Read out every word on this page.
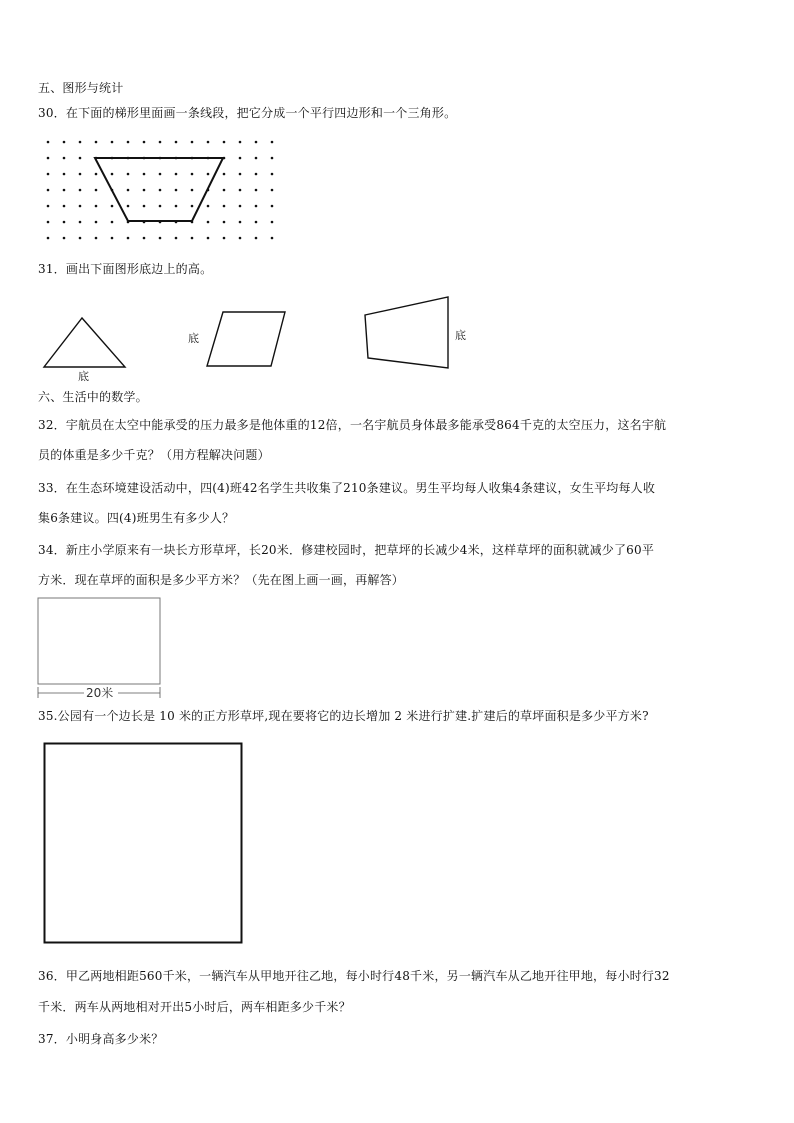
五、图形与统计
30．在下面的梯形里面画一条线段，把它分成一个平行四边形和一个三角形。
31．画出下面图形底边上的高。
底
底	底
六、生活中的数学。
32．宇航员在太空中能承受的压力最多是他体重的12倍，一名宇航员身体最多能承受864千克的太空压力，这名宇航
员的体重是多少千克？（用方程解决问题）
33．在生态环境建设活动中，四(4)班42名学生共收集了210条建议。男生平均每人收集4条建议，女生平均每人收
集6条建议。四(4)班男生有多少人？
34．新庄小学原来有一块长方形草坪，长20米．修建校园时，把草坪的长减少4米，这样草坪的面积就减少了60平
方米．现在草坪的面积是多少平方米？（先在图上画一画，再解答）
20米
35.公园有一个边长是 10 米的正方形草坪,现在要将它的边长增加 2 米进行扩建.扩建后的草坪面积是多少平方米?
36．甲乙两地相距560千米，一辆汽车从甲地开往乙地，每小时行48千米，另一辆汽车从乙地开往甲地，每小时行32
千米．两车从两地相对开出5小时后，两车相距多少千米？
37．小明身高多少米？
